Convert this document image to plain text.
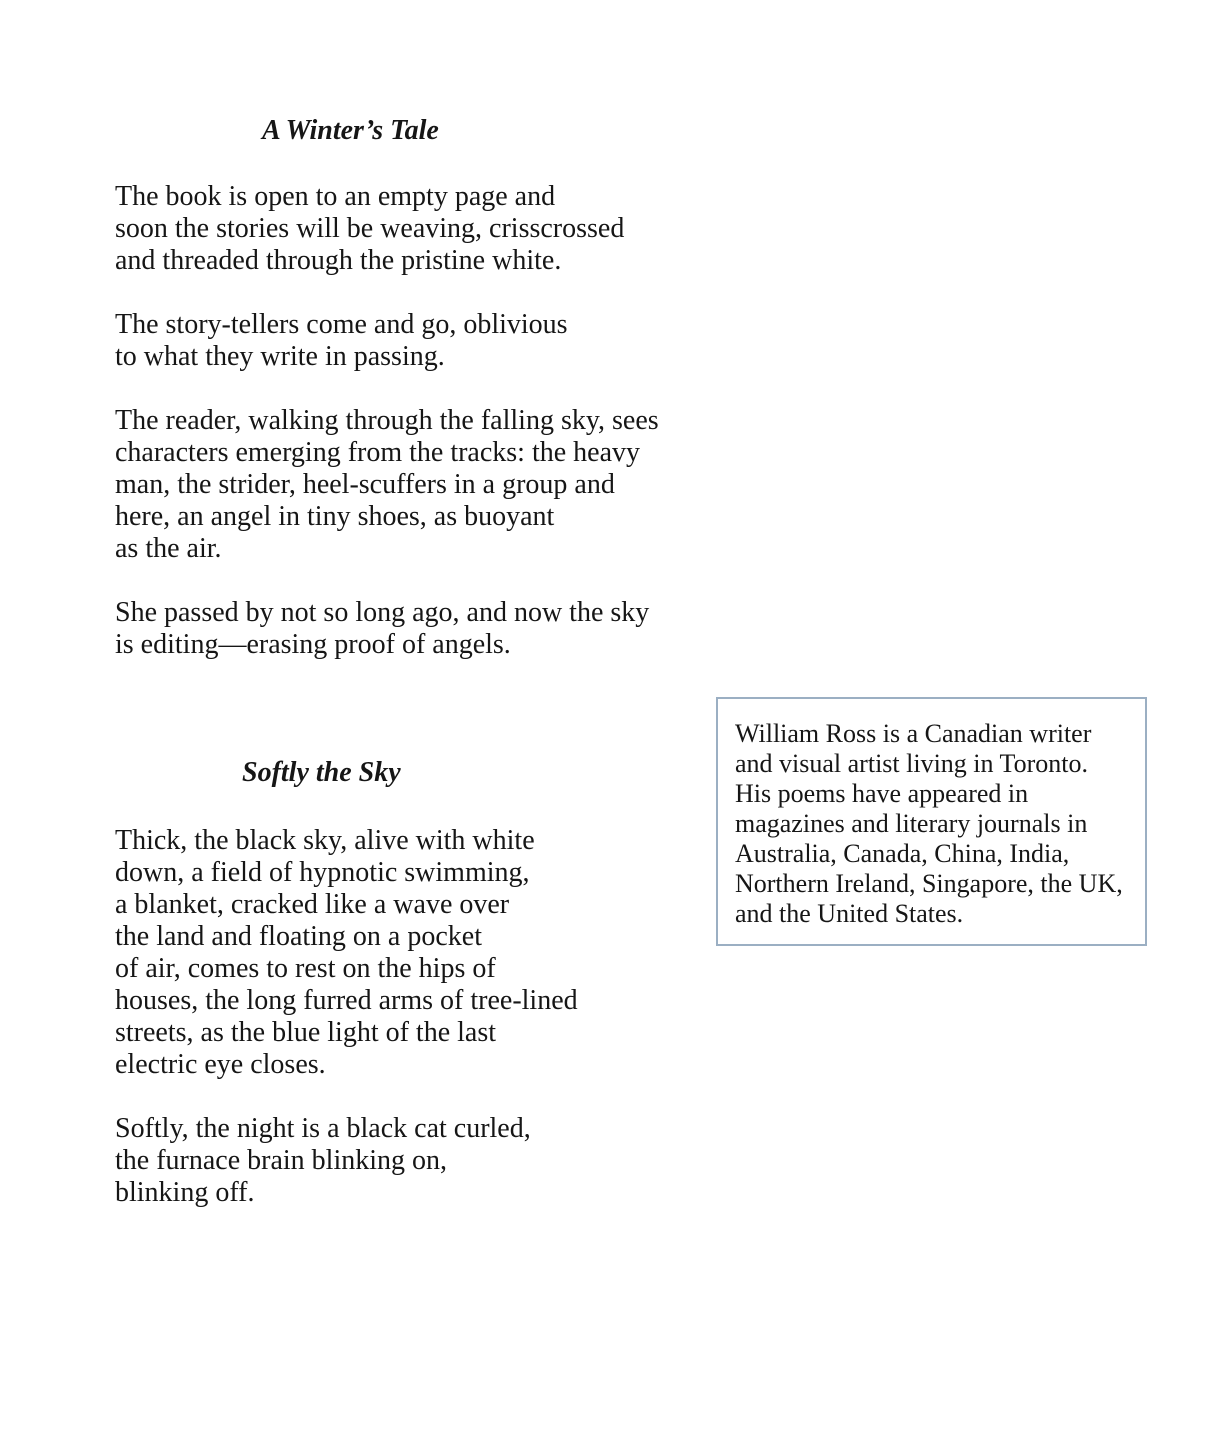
A Winter’s Tale
The book is open to an empty page and
soon the stories will be weaving, crisscrossed
and threaded through the pristine white.
The story-tellers come and go, oblivious
to what they write in passing.
The reader, walking through the falling sky, sees
characters emerging from the tracks: the heavy
man, the strider, heel-scuffers in a group and
here, an angel in tiny shoes, as buoyant
as the air.
She passed by not so long ago, and now the sky
is editing—erasing proof of angels.
Softly the Sky
Thick, the black sky, alive with white
down, a field of hypnotic swimming,
a blanket, cracked like a wave over
the land and floating on a pocket
of air, comes to rest on the hips of
houses, the long furred arms of tree-lined
streets, as the blue light of the last
electric eye closes.
Softly, the night is a black cat curled,
the furnace brain blinking on,
blinking off.
William Ross is a Canadian writer
and visual artist living in Toronto.
His poems have appeared in
magazines and literary journals in
Australia, Canada, China, India,
Northern Ireland, Singapore, the UK,
and the United States.
